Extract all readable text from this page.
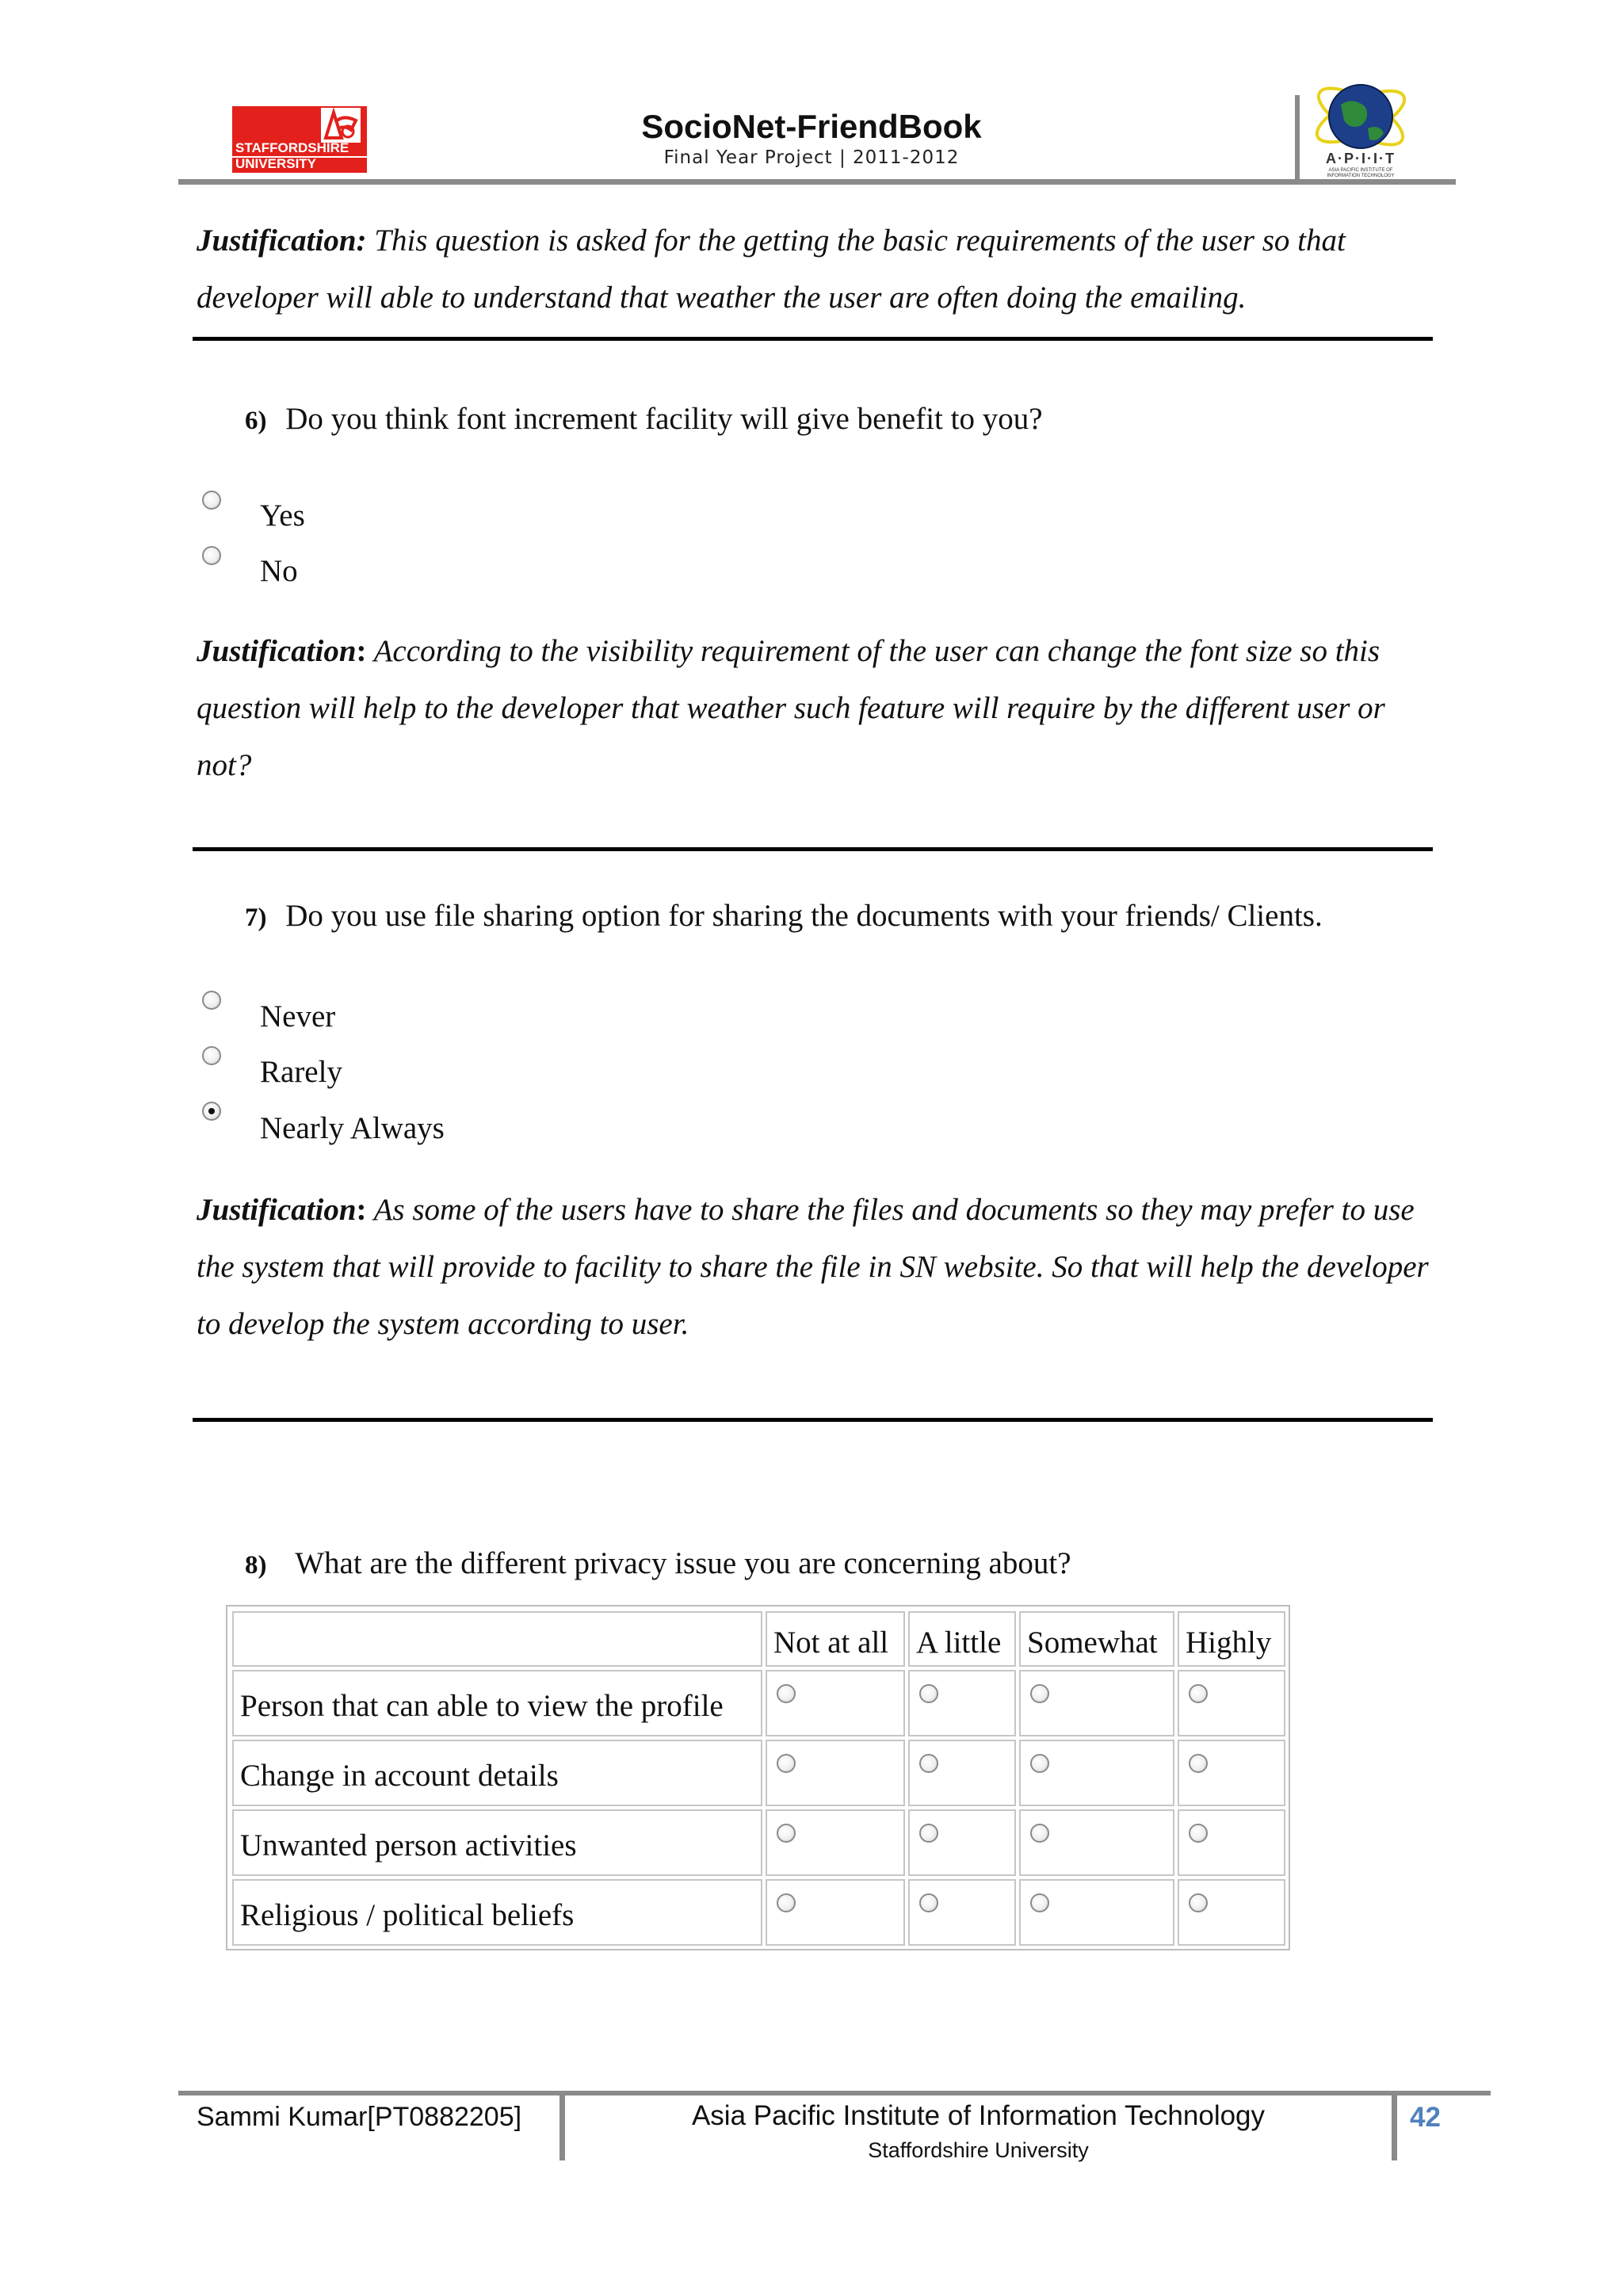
STAFFORDSHIRE
UNIVERSITY
SocioNet-FriendBook
Final Year Project | 2011-2012	A·P·I·I·T
ASIA PACIFIC INSTITUTE OF
INFORMATION TECHNOLOGY
Justification: This question is asked for the getting the basic requirements of the user so that developer will able to understand that weather the user are often doing the emailing.
6) Do you think font increment facility will give benefit to you?
Yes
No
Justification: According to the visibility requirement of the user can change the font size so this question will help to the developer that weather such feature will require by the different user or not?
7) Do you use file sharing option for sharing the documents with your friends/ Clients.
Never
Rarely
Nearly Always
Justification: As some of the users have to share the files and documents so they may prefer to use the system that will provide to facility to share the file in SN website. So that will help the developer to develop the system according to user.
8) What are the different privacy issue you are concerning about?
Not at all A little Somewhat Highly
Person that can able to view the profile
Change in account details
Unwanted person activities
Religious / political beliefs
Sammi Kumar[PT0882205]	Asia Pacific Institute of Information Technology
Staffordshire University
42
